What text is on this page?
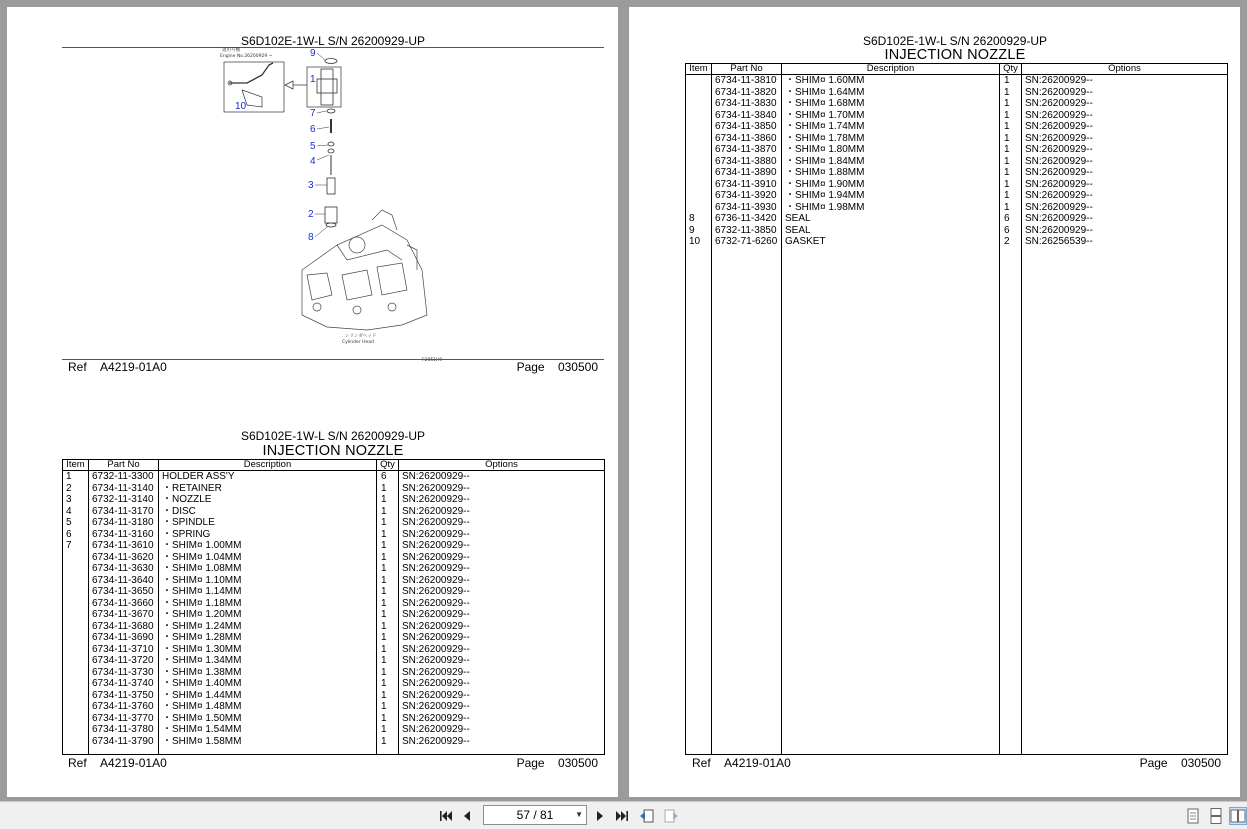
S6D102E-1W-L S/N 26200929-UP
適用号機
Engine No.26200929 ~
10
9
1
7
6
5
4
3
2
8
シリンダヘッド
Cylinder Head
F2051H9
Ref A4219-01A0	Page 030500
S6D102E-1W-L S/N 26200929-UP
INJECTION NOZZLE
Item	Part No	Description	Qty	Options
1	6732-11-3300	HOLDER ASS'Y	6	SN:26200929--
2	6734-11-3140	・RETAINER	1	SN:26200929--
3	6732-11-3140	・NOZZLE	1	SN:26200929--
4	6734-11-3170	・DISC	1	SN:26200929--
5	6734-11-3180	・SPINDLE	1	SN:26200929--
6	6734-11-3160	・SPRING	1	SN:26200929--
7	6734-11-3610	・SHIM¤ 1.00MM	1	SN:26200929--
	6734-11-3620	・SHIM¤ 1.04MM	1	SN:26200929--
	6734-11-3630	・SHIM¤ 1.08MM	1	SN:26200929--
	6734-11-3640	・SHIM¤ 1.10MM	1	SN:26200929--
	6734-11-3650	・SHIM¤ 1.14MM	1	SN:26200929--
	6734-11-3660	・SHIM¤ 1.18MM	1	SN:26200929--
	6734-11-3670	・SHIM¤ 1.20MM	1	SN:26200929--
	6734-11-3680	・SHIM¤ 1.24MM	1	SN:26200929--
	6734-11-3690	・SHIM¤ 1.28MM	1	SN:26200929--
	6734-11-3710	・SHIM¤ 1.30MM	1	SN:26200929--
	6734-11-3720	・SHIM¤ 1.34MM	1	SN:26200929--
	6734-11-3730	・SHIM¤ 1.38MM	1	SN:26200929--
	6734-11-3740	・SHIM¤ 1.40MM	1	SN:26200929--
	6734-11-3750	・SHIM¤ 1.44MM	1	SN:26200929--
	6734-11-3760	・SHIM¤ 1.48MM	1	SN:26200929--
	6734-11-3770	・SHIM¤ 1.50MM	1	SN:26200929--
	6734-11-3780	・SHIM¤ 1.54MM	1	SN:26200929--
	6734-11-3790	・SHIM¤ 1.58MM	1	SN:26200929--

Ref A4219-01A0	Page 030500
S6D102E-1W-L S/N 26200929-UP
INJECTION NOZZLE
Item	Part No	Description	Qty	Options
	6734-11-3810	・SHIM¤ 1.60MM	1	SN:26200929--
	6734-11-3820	・SHIM¤ 1.64MM	1	SN:26200929--
	6734-11-3830	・SHIM¤ 1.68MM	1	SN:26200929--
	6734-11-3840	・SHIM¤ 1.70MM	1	SN:26200929--
	6734-11-3850	・SHIM¤ 1.74MM	1	SN:26200929--
	6734-11-3860	・SHIM¤ 1.78MM	1	SN:26200929--
	6734-11-3870	・SHIM¤ 1.80MM	1	SN:26200929--
	6734-11-3880	・SHIM¤ 1.84MM	1	SN:26200929--
	6734-11-3890	・SHIM¤ 1.88MM	1	SN:26200929--
	6734-11-3910	・SHIM¤ 1.90MM	1	SN:26200929--
	6734-11-3920	・SHIM¤ 1.94MM	1	SN:26200929--
	6734-11-3930	・SHIM¤ 1.98MM	1	SN:26200929--
8	6736-11-3420	SEAL	6	SN:26200929--
9	6732-11-3850	SEAL	6	SN:26200929--
10	6732-71-6260	GASKET	2	SN:26256539--

Ref A4219-01A0	Page 030500
57 / 81	▼
